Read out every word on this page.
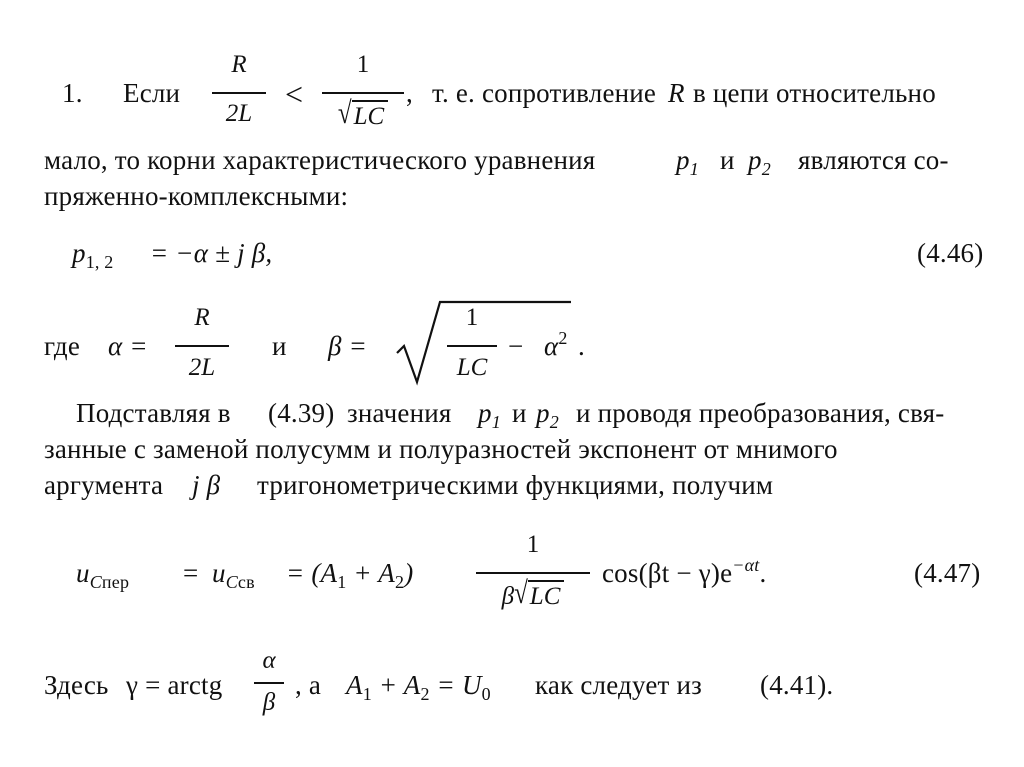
1. Если
R
2L
<
1
√LC
, т. е. сопротивление R в цепи относительно
мало, то корни характеристического уравнения	$p_1$ и $p_2$ являются со-
пряженно-комплексными:
$p_{1, 2} = -\alpha \pm j$ β,	(4.46)
где α =
R
2L
и β =
1
LC
− $\alpha^2$ .
Подставляя в (4.39) значения $p_1$ и $p_2$ и проводя преобразования, свя-
занные с заменой полусумм и полуразностей экспонент от мнимого
аргумента j β тригонометрическими функциями, получим
$u_{Cпер} = u_{Cсв} = (A_1 + A_2)$
1
β√LC
$\cos(\beta t - \gamma)e^{-\alpha t}$.	(4.47)
Здесь γ = arctg
α
β
, а $A_1 + A_2 = U_0$ как следует из (4.41).
